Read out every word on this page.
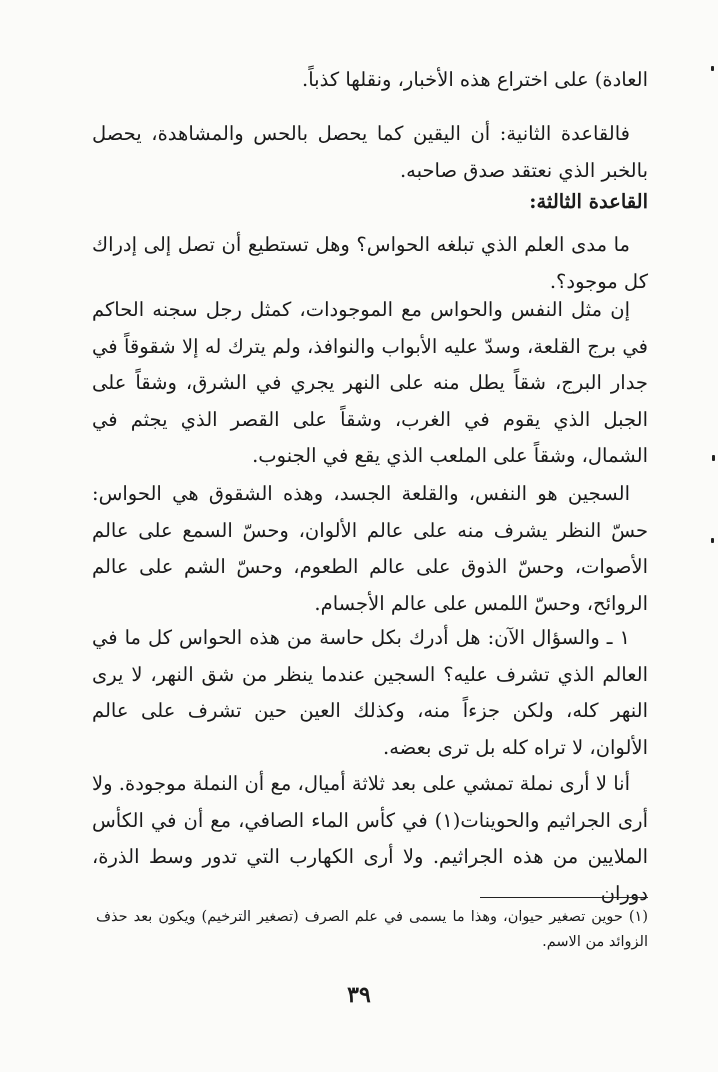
العادة) على اختراع هذه الأخبار، ونقلها كذباً.

فالقاعدة الثانية: أن اليقين كما يحصل بالحس والمشاهدة، يحصل بالخبر الذي نعتقد صدق صاحبه.

القاعدة الثالثة:

ما مدى العلم الذي تبلغه الحواس؟ وهل تستطيع أن تصل إلى إدراك كل موجود؟.

إن مثل النفس والحواس مع الموجودات، كمثل رجل سجنه الحاكم في برج القلعة، وسدّ عليه الأبواب والنوافذ، ولم يترك له إلا شقوقاً في جدار البرج، شقاً يطل منه على النهر يجري في الشرق، وشقاً على الجبل الذي يقوم في الغرب، وشقاً على القصر الذي يجثم في الشمال، وشقاً على الملعب الذي يقع في الجنوب.

السجين هو النفس، والقلعة الجسد، وهذه الشقوق هي الحواس: حسّ النظر يشرف منه على عالم الألوان، وحسّ السمع على عالم الأصوات، وحسّ الذوق على عالم الطعوم، وحسّ الشم على عالم الروائح، وحسّ اللمس على عالم الأجسام.

١ ـ والسؤال الآن: هل أدرك بكل حاسة من هذه الحواس كل ما في العالم الذي تشرف عليه؟ السجين عندما ينظر من شق النهر، لا يرى النهر كله، ولكن جزءاً منه، وكذلك العين حين تشرف على عالم الألوان، لا تراه كله بل ترى بعضه.

أنا لا أرى نملة تمشي على بعد ثلاثة أميال، مع أن النملة موجودة. ولا أرى الجراثيم والحوينات(١) في كأس الماء الصافي، مع أن في الكأس الملايين من هذه الجراثيم. ولا أرى الكهارب التي تدور وسط الذرة، دوران

(١) حوين تصغير حيوان، وهذا ما يسمى في علم الصرف (تصغير الترخيم) ويكون بعد حذف الزوائد من الاسم.

٣٩
